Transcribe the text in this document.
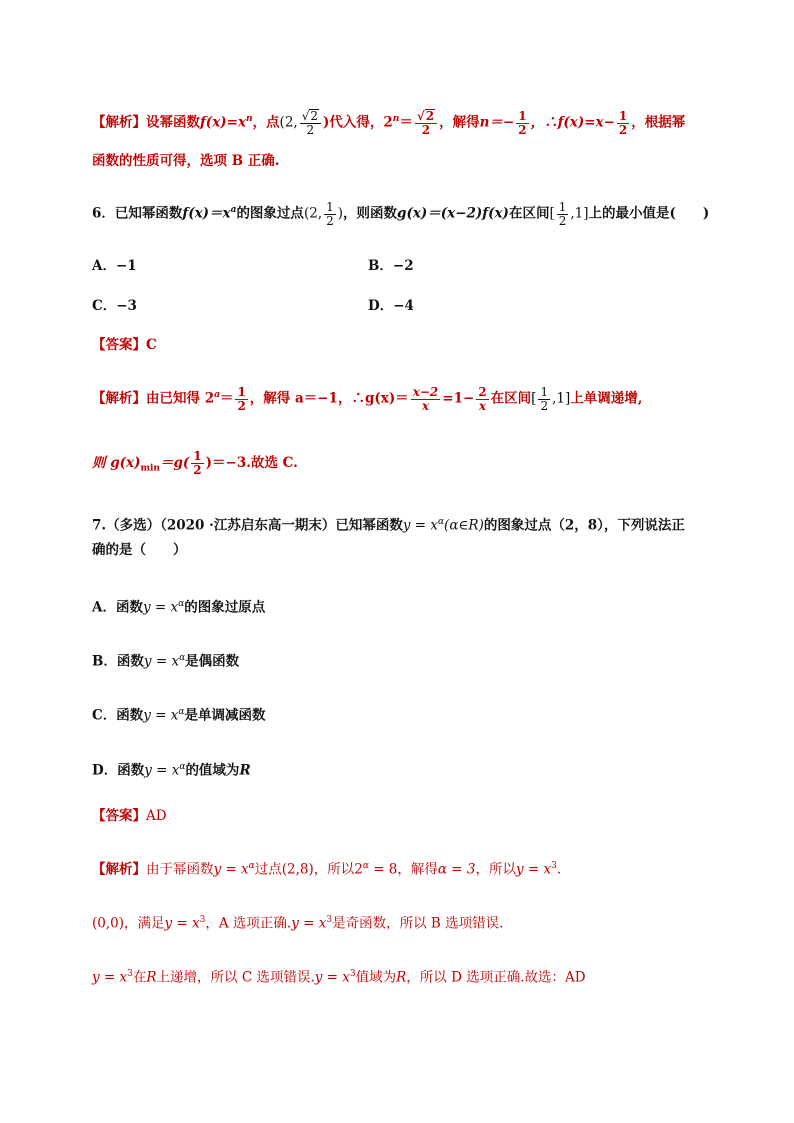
【解析】设幂函数$f(x)=x^n$，点(2, $\frac{√2}{2}$ )代入得，$2^n= \frac{√2}{2}$ ，解得$n=- \frac{1}{2}$ ，∴f(x)=x− $\frac{1}{2}$ ，根据幂
函数的性质可得，选项 B 正确.
6．已知幂函数$f(x)=x^a$的图象过点(2, $\frac{1}{2}$ )，则函数g(x)＝(x−2)f(x)在区间[ $\frac{1}{2} ,1$]上的最小值是(　　)
A．−1	B．−2
C．−3	D．−4
【答案】C
【解析】由已知得 $2^a= \frac{1}{2}$ ，解得 a＝−1，∴g(x)＝ $\frac{x-2}{x} =1- \frac{2}{x}$ 在区间[ $\frac{1}{2} ,1$]上单调递增,
则 $g(x)_{min}=g( \frac{1}{2} )=-3$.故选 C.
7.（多选）（2020 ·江苏启东高一期末）已知幂函数$y = x^\alpha(\alpha\in R)$的图象过点（2，8），下列说法正
确的是（　　）
A．函数$y = x^\alpha$的图象过原点
B．函数$y = x^\alpha$是偶函数
C．函数$y = x^\alpha$是单调减函数
D．函数$y = x^\alpha$的值域为R
【答案】AD
【解析】由于幂函数$y = x^\alpha$过点(2,8)，所以$2^\alpha = 8$，解得α = 3，所以$y = x^3$.
(0,0)，满足$y = x^3$，A 选项正确$.y = x^3$是奇函数，所以 B 选项错误.
$y = x^3$在R上递增，所以 C 选项错误$.y = x^3$值域为R，所以 D 选项正确.故选：AD
